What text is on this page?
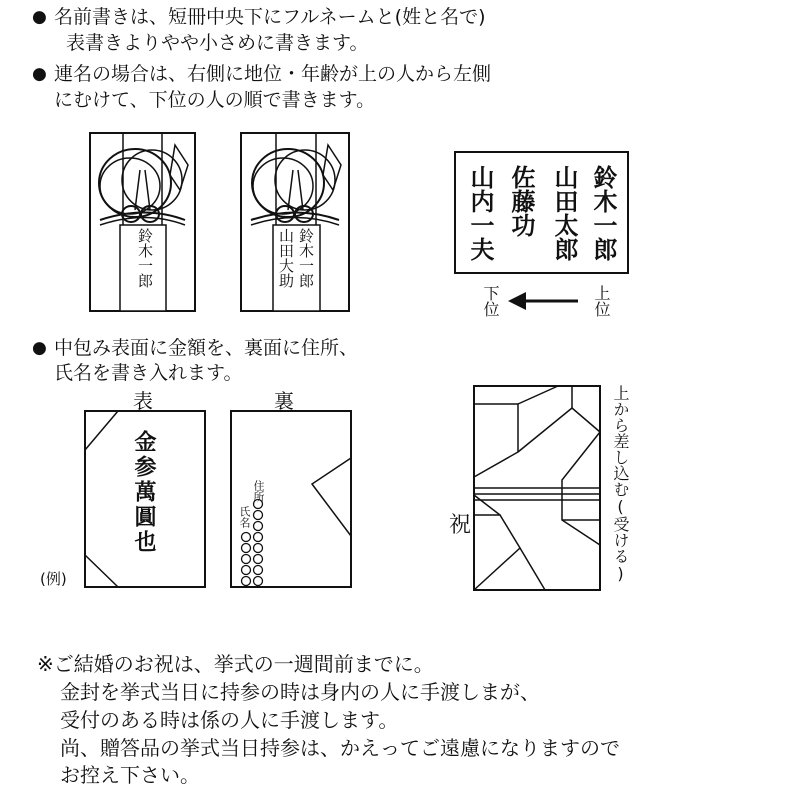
● 名前書きは、短冊中央下にフルネームと(姓と名で)
表書きよりやや小さめに書きます。
● 連名の場合は、右側に地位・年齢が上の人から左側
にむけて、下位の人の順で書きます。
鈴木一郎	鈴木一郎
山田大助	鈴木一郎
山田太郎
佐藤功
山内一夫
下位	上位
● 中包み表面に金額を、裏面に住所、
氏名を書き入れます。
表	裏
金参萬圓也
(例)
住所
氏名	祝	上から差し込む(受ける)
※ご結婚のお祝は、挙式の一週間前までに。
金封を挙式当日に持参の時は身内の人に手渡しまが、
受付のある時は係の人に手渡します。
尚、贈答品の挙式当日持参は、かえってご遠慮になりますので
お控え下さい。
